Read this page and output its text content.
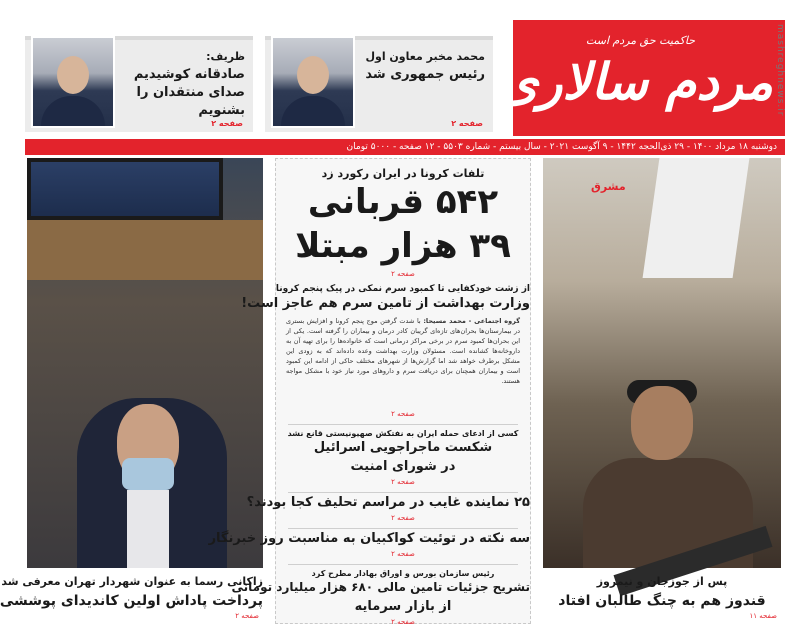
حاکمیت حق مردم است
مردم سالاری
محمد مخبر معاون اول
رئیس جمهوری شد
صفحه ۲
ظریف:
صادقانه کوشیدیم صدای منتقدان را بشنویم
صفحه ۲
mashreghnews.ir
دوشنبه ۱۸ مرداد ۱۴۰۰ - ۲۹ ذی‌الحجه ۱۴۴۲ - ۹ آگوست ۲۰۲۱ - سال بیستم - شماره ۵۵۰۳ - ۱۲ صفحه - ۵۰۰۰ تومان
مشرق
تلفات کرونا در ایران رکورد زد
۵۴۲ قربانی
۳۹ هزار مبتلا
صفحه ۲
از زشت خودکفایی تا کمبود سرم نمکی در پیک پنجم کرونا
وزارت بهداشت از تامین سرم هم عاجز است!
گروه اجتماعی - محمد مسیحا: با شدت گرفتن موج پنجم کرونا و افزایش بستری در بیمارستان‌ها بحران‌های تازه‌ای گریبان کادر درمان و بیماران را گرفته است. یکی از این بحران‌ها کمبود سرم در برخی مراکز درمانی است که خانواده‌ها را برای تهیه آن به داروخانه‌ها کشانده است. مسئولان وزارت بهداشت وعده داده‌اند که به زودی این مشکل برطرف خواهد شد اما گزارش‌ها از شهرهای مختلف حاکی از ادامه این کمبود است و بیماران همچنان برای دریافت سرم و داروهای مورد نیاز خود با مشکل مواجه هستند.
صفحه ۲
کسی از ادعای حمله ایران به نفتکش صهیونیستی قانع نشد
شکست ماجراجویی اسرائیل
در شورای امنیت
صفحه ۲
۲۵ نماینده غایب در مراسم تحلیف کجا بودند؟
صفحه ۲
سه نکته در توئیت کواکبیان به مناسبت روز خبرنگار
صفحه ۲
رئیس سازمان بورس و اوراق بهادار مطرح کرد
تشریح جزئیات تامین مالی ۶۸۰ هزار میلیارد تومانی
از بازار سرمایه
صفحه ۲
پس از جوزجان و نیمروز
قندوز هم به چنگ طالبان افتاد
صفحه ۱۱
زاکانی رسما به عنوان شهردار تهران معرفی شد
پرداخت پاداش اولین کاندیدای پوششی
صفحه ۲
